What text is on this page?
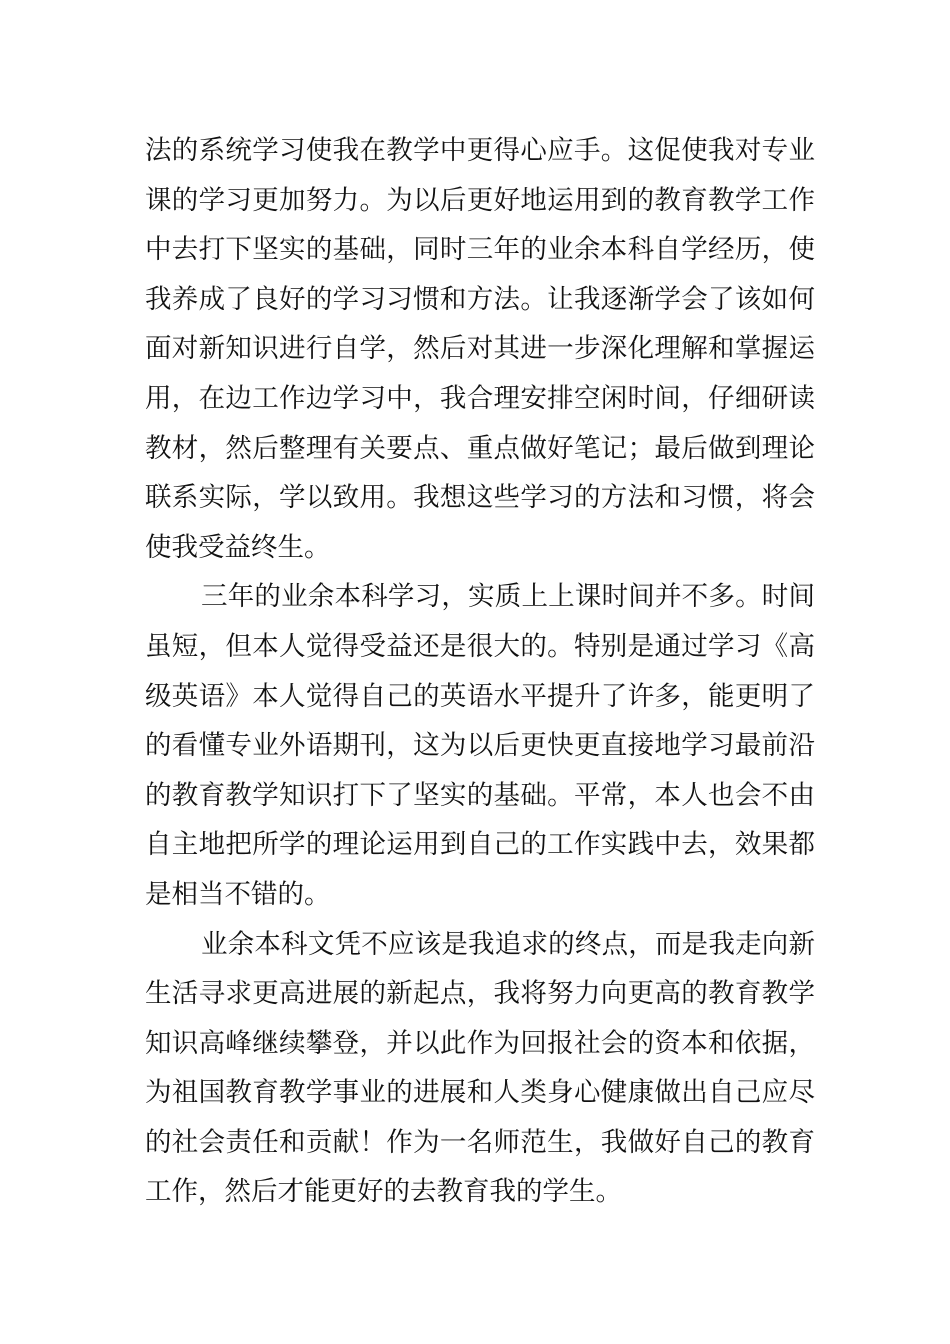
法的系统学习使我在教学中更得心应手。这促使我对专业
课的学习更加努力。为以后更好地运用到的教育教学工作
中去打下坚实的基础，同时三年的业余本科自学经历，使
我养成了良好的学习习惯和方法。让我逐渐学会了该如何
面对新知识进行自学，然后对其进一步深化理解和掌握运
用，在边工作边学习中，我合理安排空闲时间，仔细研读
教材，然后整理有关要点、重点做好笔记；最后做到理论
联系实际，学以致用。我想这些学习的方法和习惯，将会
使我受益终生。
三年的业余本科学习，实质上上课时间并不多。时间
虽短，但本人觉得受益还是很大的。特别是通过学习《高
级英语》本人觉得自己的英语水平提升了许多，能更明了
的看懂专业外语期刊，这为以后更快更直接地学习最前沿
的教育教学知识打下了坚实的基础。平常，本人也会不由
自主地把所学的理论运用到自己的工作实践中去，效果都
是相当不错的。
业余本科文凭不应该是我追求的终点，而是我走向新
生活寻求更高进展的新起点，我将努力向更高的教育教学
知识高峰继续攀登，并以此作为回报社会的资本和依据，
为祖国教育教学事业的进展和人类身心健康做出自己应尽
的社会责任和贡献！作为一名师范生，我做好自己的教育
工作，然后才能更好的去教育我的学生。
